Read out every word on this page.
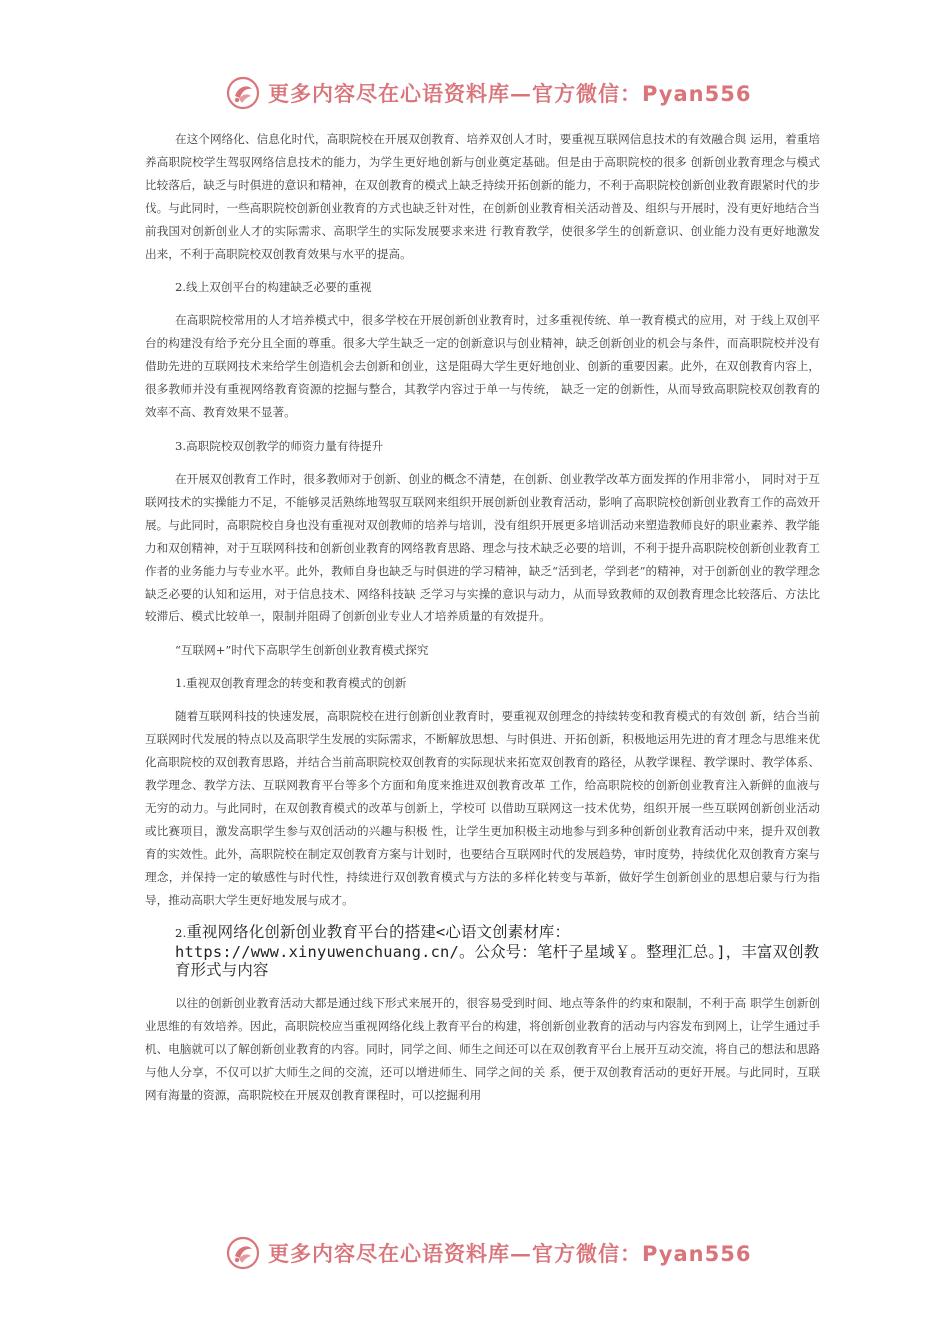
更多内容尽在心语资料库—官方微信：Pyan556

在这个网络化、信息化时代，高职院校在开展双创教育、培养双创人才时，要重视互联网信息技术的有效融合與 运用，着重培养高职院校学生驾驭网络信息技术的能力，为学生更好地创新与创业奠定基础。但是由于高职院校的很多 创新创业教育理念与模式比较落后，缺乏与时俱进的意识和精神，在双创教育的模式上缺乏持续开拓创新的能力，不利于高职院校创新创业教育跟紧时代的步伐。与此同时，一些高职院校创新创业教育的方式也缺乏针对性，在创新创业教育相关活动普及、组织与开展时，没有更好地结合当前我国对创新创业人才的实际需求、高职学生的实际发展要求来进 行教育教学，使很多学生的创新意识、创业能力没有更好地激发出来，不利于高职院校双创教育效果与水平的提高。

2.线上双创平台的构建缺乏必要的重视

在高职院校常用的人才培养模式中，很多学校在开展创新创业教育时，过多重视传统、单一教育模式的应用，对 于线上双创平台的构建没有给予充分且全面的尊重。很多大学生缺乏一定的创新意识与创业精神，缺乏创新创业的机会与条件，而高职院校并没有借助先进的互联网技术来给学生创造机会去创新和创业，这是阻碍大学生更好地创业、创新的重要因素。此外，在双创教育内容上，很多教师并没有重视网络教育资源的挖掘与整合，其教学内容过于单一与传统， 缺乏一定的创新性，从而导致高职院校双创教育的效率不高、教育效果不显著。

3.高职院校双创教学的师资力量有待提升

在开展双创教育工作时，很多教师对于创新、创业的概念不清楚，在创新、创业教学改革方面发挥的作用非常小， 同时对于互联网技术的实操能力不足，不能够灵活熟练地驾驭互联网来组织开展创新创业教育活动，影响了高职院校创新创业教育工作的高效开展。与此同时，高职院校自身也没有重视对双创教师的培养与培训，没有组织开展更多培训活动来塑造教师良好的职业素养、教学能力和双创精神，对于互联网科技和创新创业教育的网络教育思路、理念与技术缺乏必要的培训，不利于提升高职院校创新创业教育工作者的业务能力与专业水平。此外，教师自身也缺乏与时俱进的学习精神，缺乏“活到老，学到老”的精神，对于创新创业的教学理念缺乏必要的认知和运用，对于信息技术、网络科技缺 乏学习与实操的意识与动力，从而导致教师的双创教育理念比较落后、方法比较滞后、模式比较单一，限制并阻碍了创新创业专业人才培养质量的有效提升。

“互联网+”时代下高职学生创新创业教育模式探究

1.重视双创教育理念的转变和教育模式的创新

随着互联网科技的快速发展，高职院校在进行创新创业教育时，要重视双创理念的持续转变和教育模式的有效创 新，结合当前互联网时代发展的特点以及高职学生发展的实际需求，不断解放思想、与时俱进、开拓创新，积极地运用先进的育才理念与思维来优化高职院校的双创教育思路，并结合当前高职院校双创教育的实际现状来拓宽双创教育的路径，从教学课程、教学课时、教学体系、教学理念、教学方法、互联网教育平台等多个方面和角度来推进双创教育改革 工作，给高职院校的创新创业教育注入新鲜的血液与无穷的动力。与此同时，在双创教育模式的改革与创新上，学校可 以借助互联网这一技术优势，组织开展一些互联网创新创业活动或比赛项目，激发高职学生参与双创活动的兴趣与积极 性，让学生更加积极主动地参与到多种创新创业教育活动中来，提升双创教育的实效性。此外，高职院校在制定双创教育方案与计划时，也要结合互联网时代的发展趋势，审时度势，持续优化双创教育方案与理念，并保持一定的敏感性与时代性，持续进行双创教育模式与方法的多样化转变与革新，做好学生创新创业的思想启蒙与行为指导，推动高职大学生更好地发展与成才。

2.重视网络化创新创业教育平台的搭建<心语文创素材库：https://www.xinyuwenchuang.cn/。公众号：笔杆子星域￥。整理汇总。]，丰富双创教育形式与内容

以往的创新创业教育活动大都是通过线下形式来展开的，很容易受到时间、地点等条件的约束和限制，不利于高 职学生创新创业思维的有效培养。因此，高职院校应当重视网络化线上教育平台的构建，将创新创业教育的活动与内容发布到网上，让学生通过手机、电脑就可以了解创新创业教育的内容。同时，同学之间、师生之间还可以在双创教育平台上展开互动交流，将自己的想法和思路与他人分享，不仅可以扩大师生之间的交流，还可以增进师生、同学之间的关 系，便于双创教育活动的更好开展。与此同时，互联网有海量的资源，高职院校在开展双创教育课程时，可以挖掘利用

更多内容尽在心语资料库—官方微信：Pyan556
